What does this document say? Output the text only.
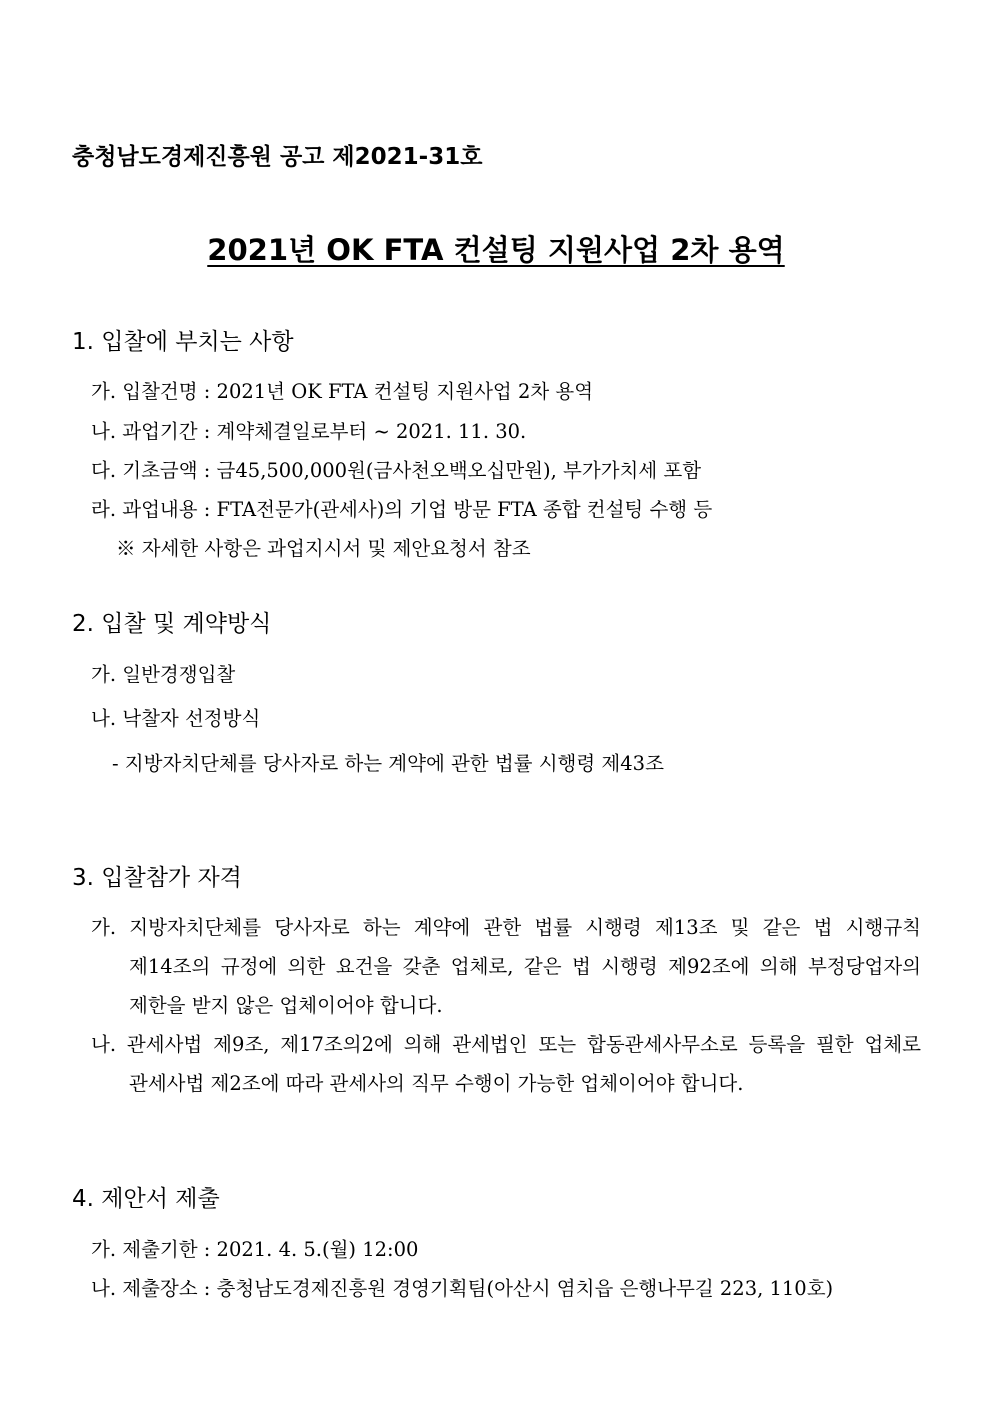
충청남도경제진흥원 공고 제2021-31호
2021년 OK FTA 컨설팅 지원사업 2차 용역
1. 입찰에 부치는 사항
가. 입찰건명 : 2021년 OK FTA 컨설팅 지원사업 2차 용역
나. 과업기간 : 계약체결일로부터 ~ 2021. 11. 30.
다. 기초금액 : 금45,500,000원(금사천오백오십만원), 부가가치세 포함
라. 과업내용 : FTA전문가(관세사)의 기업 방문 FTA 종합 컨설팅 수행 등
※ 자세한 사항은 과업지시서 및 제안요청서 참조
2. 입찰 및 계약방식
가. 일반경쟁입찰
나. 낙찰자 선정방식
- 지방자치단체를 당사자로 하는 계약에 관한 법률 시행령 제43조
3. 입찰참가 자격
가. 지방자치단체를 당사자로 하는 계약에 관한 법률 시행령 제13조 및 같은 법 시행규칙
제14조의 규정에 의한 요건을 갖춘 업체로, 같은 법 시행령 제92조에 의해 부정당업자의
제한을 받지 않은 업체이어야 합니다.
나. 관세사법 제9조, 제17조의2에 의해 관세법인 또는 합동관세사무소로 등록을 필한 업체로
관세사법 제2조에 따라 관세사의 직무 수행이 가능한 업체이어야 합니다.
4. 제안서 제출
가. 제출기한 : 2021. 4. 5.(월) 12:00
나. 제출장소 : 충청남도경제진흥원 경영기획팀(아산시 염치읍 은행나무길 223, 110호)
